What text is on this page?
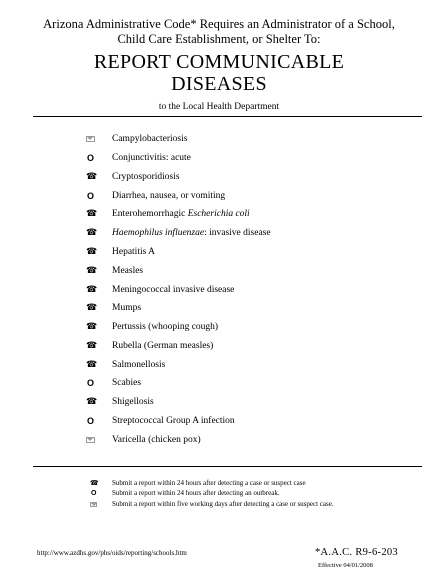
Arizona Administrative Code* Requires an Administrator of a School,
Child Care Establishment, or Shelter To:
REPORT COMMUNICABLE
DISEASES
to the Local Health Department
Campylobacteriosis
O Conjunctivitis: acute
☎
Cryptosporidiosis
O Diarrhea, nausea, or vomiting
☎
Enterohemorrhagic Escherichia coli
☎
Haemophilus influenzae: invasive disease
☎
Hepatitis A
☎
Measles
☎
Meningococcal invasive disease
☎
Mumps
☎
Pertussis (whooping cough)
☎
Rubella (German measles)
☎
Salmonellosis
O Scabies
☎
Shigellosis
O Streptococcal Group A infection
Varicella (chicken pox)
☎
Submit a report within 24 hours after detecting a case or suspect case
O Submit a report within 24 hours after detecting an outbreak.
Submit a report within five working days after detecting a case or suspect case.
http://www.azdhs.gov/phs/oids/reporting/schools.htm	*A.A.C. R9-6-203
Effective 04/01/2008
